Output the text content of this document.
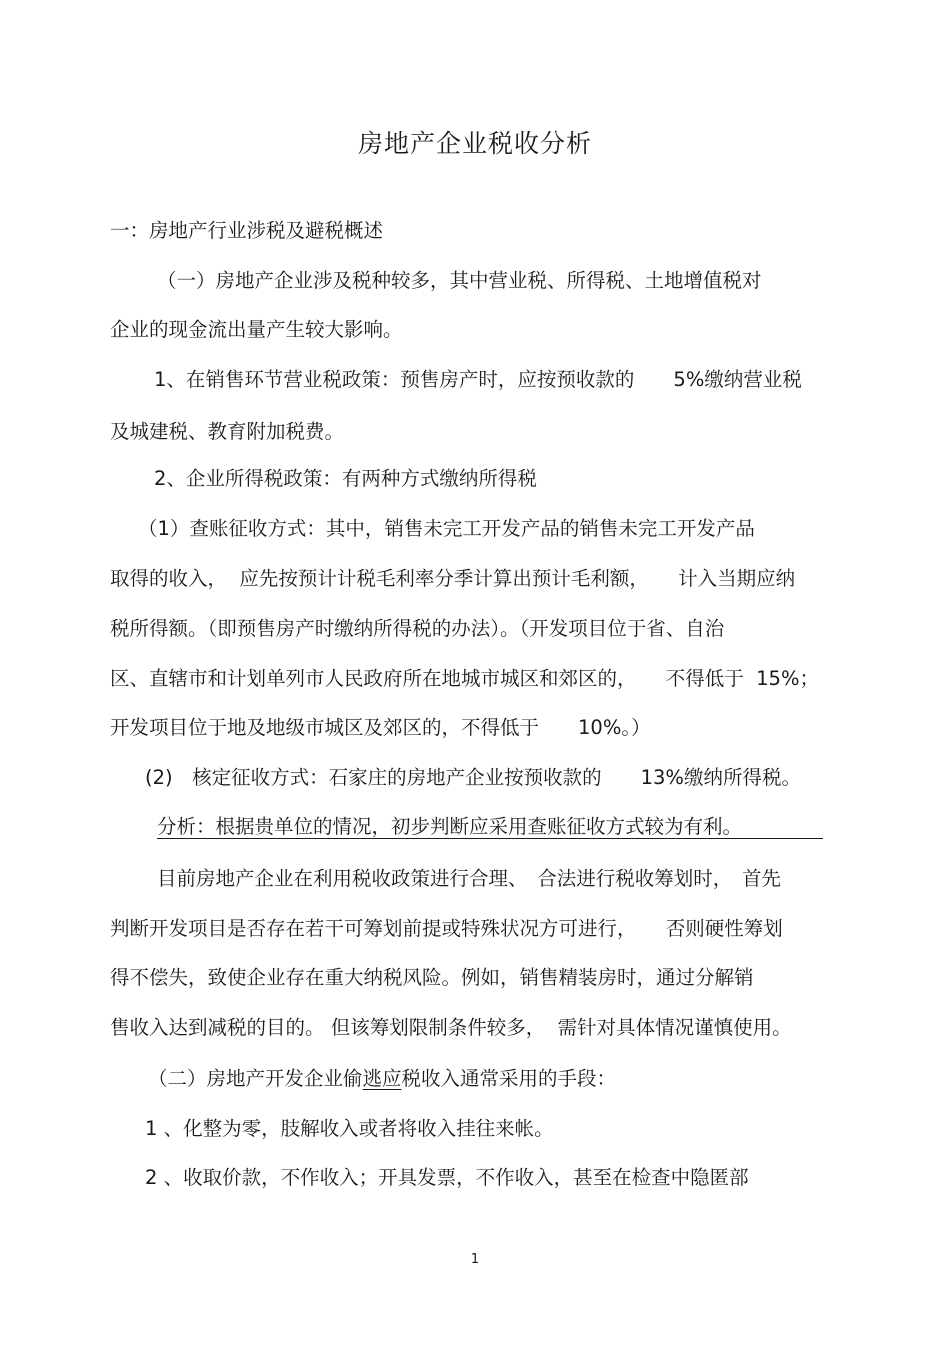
房地产企业税收分析
一：房地产行业涉税及避税概述
（一）房地产企业涉及税种较多，其中营业税、所得税、土地增值税对
企业的现金流出量产生较大影响。
1、在销售环节营业税政策：预售房产时，应按预收款的　　5%缴纳营业税
及城建税、教育附加税费。
2、企业所得税政策：有两种方式缴纳所得税
（1）查账征收方式：其中，销售未完工开发产品的销售未完工开发产品
取得的收入，  应先按预计计税毛利率分季计算出预计毛利额，　　计入当期应纳
税所得额。（即预售房产时缴纳所得税的办法）。（开发项目位于省、自治
区、直辖市和计划单列市人民政府所在地城市城区和郊区的，　　不得低于  15%；
开发项目位于地及地级市城区及郊区的，不得低于　　10%。）
(2)　核定征收方式：石家庄的房地产企业按预收款的　　13%缴纳所得税。
分析：根据贵单位的情况，初步判断应采用查账征收方式较为有利。
目前房地产企业在利用税收政策进行合理、　合法进行税收筹划时，　首先
判断开发项目是否存在若干可筹划前提或特殊状况方可进行，　　否则硬性筹划
得不偿失，致使企业存在重大纳税风险。例如，销售精装房时，通过分解销
售收入达到减税的目的。 但该筹划限制条件较多，  需针对具体情况谨慎使用。
（二）房地产开发企业偷逃应税收入通常采用的手段：
1 、化整为零，肢解收入或者将收入挂往来帐。
2 、收取价款，不作收入；开具发票，不作收入，甚至在检查中隐匿部
1
